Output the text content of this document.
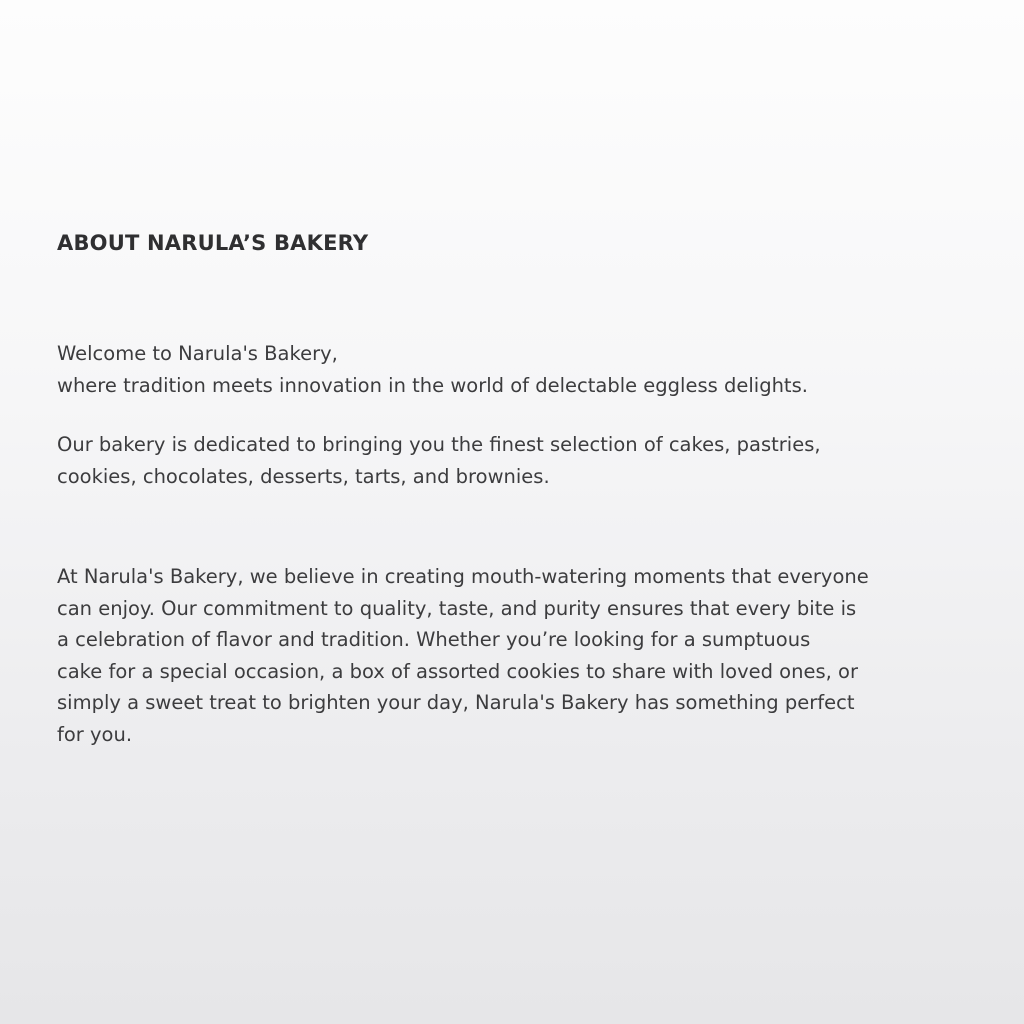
ABOUT NARULA’S BAKERY

Welcome to Narula's Bakery,
where tradition meets innovation in the world of delectable eggless delights.

Our bakery is dedicated to bringing you the finest selection of cakes, pastries,
cookies, chocolates, desserts, tarts, and brownies.

At Narula's Bakery, we believe in creating mouth-watering moments that everyone
can enjoy. Our commitment to quality, taste, and purity ensures that every bite is
a celebration of flavor and tradition. Whether you’re looking for a sumptuous
cake for a special occasion, a box of assorted cookies to share with loved ones, or
simply a sweet treat to brighten your day, Narula's Bakery has something perfect
for you.
